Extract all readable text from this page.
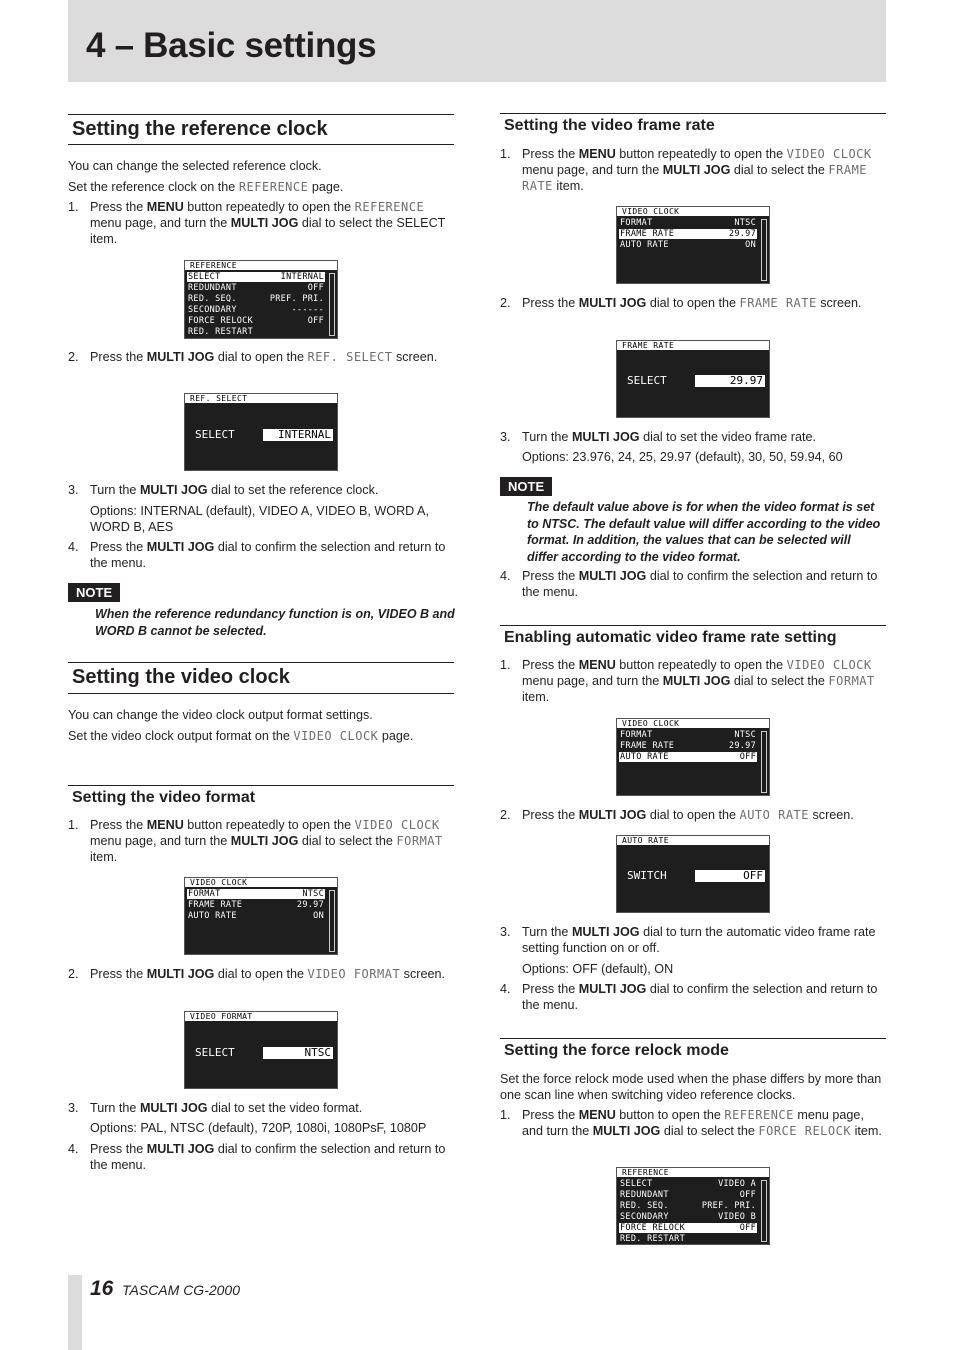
4 – Basic settings
Setting the reference clock
You can change the selected reference clock.
Set the reference clock on the REFERENCE page.
1. Press the MENU button repeatedly to open the REFERENCE menu page, and turn the MULTI JOG dial to select the SELECT item.
REFERENCE
SELECT	INTERNAL
REDUNDANT	OFF
RED. SEQ.	PREF. PRI.
SECONDARY	------
FORCE RELOCK	OFF
RED. RESTART
2. Press the MULTI JOG dial to open the REF. SELECT screen.
REF. SELECT
SELECT	INTERNAL
3. Turn the MULTI JOG dial to set the reference clock.
Options: INTERNAL (default), VIDEO A, VIDEO B, WORD A, WORD B, AES
4. Press the MULTI JOG dial to confirm the selection and return to the menu.
NOTE
When the reference redundancy function is on, VIDEO B and WORD B cannot be selected.
Setting the video clock
You can change the video clock output format settings.
Set the video clock output format on the VIDEO CLOCK page.
Setting the video format
1. Press the MENU button repeatedly to open the VIDEO CLOCK menu page, and turn the MULTI JOG dial to select the FORMAT item.
VIDEO CLOCK
FORMAT	NTSC
FRAME RATE	29.97
AUTO RATE	ON
2. Press the MULTI JOG dial to open the VIDEO FORMAT screen.
VIDEO FORMAT
SELECT	NTSC
3. Turn the MULTI JOG dial to set the video format.
Options: PAL, NTSC (default), 720P, 1080i, 1080PsF, 1080P
4. Press the MULTI JOG dial to confirm the selection and return to the menu.
Setting the video frame rate
1. Press the MENU button repeatedly to open the VIDEO CLOCK menu page, and turn the MULTI JOG dial to select the FRAME RATE item.
VIDEO CLOCK
FORMAT	NTSC
FRAME RATE	29.97
AUTO RATE	ON
2. Press the MULTI JOG dial to open the FRAME RATE screen.
FRAME RATE
SELECT	29.97
3. Turn the MULTI JOG dial to set the video frame rate.
Options: 23.976, 24, 25, 29.97 (default), 30, 50, 59.94, 60
NOTE
The default value above is for when the video format is set to NTSC. The default value will differ according to the video format. In addition, the values that can be selected will differ according to the video format.
4. Press the MULTI JOG dial to confirm the selection and return to the menu.
Enabling automatic video frame rate setting
1. Press the MENU button repeatedly to open the VIDEO CLOCK menu page, and turn the MULTI JOG dial to select the FORMAT item.
VIDEO CLOCK
FORMAT	NTSC
FRAME RATE	29.97
AUTO RATE	OFF
2. Press the MULTI JOG dial to open the AUTO RATE screen.
AUTO RATE
SWITCH	OFF
3. Turn the MULTI JOG dial to turn the automatic video frame rate setting function on or off.
Options: OFF (default), ON
4. Press the MULTI JOG dial to confirm the selection and return to the menu.
Setting the force relock mode
Set the force relock mode used when the phase differs by more than one scan line when switching video reference clocks.
1. Press the MENU button to open the REFERENCE menu page, and turn the MULTI JOG dial to select the FORCE RELOCK item.
REFERENCE
SELECT	VIDEO A
REDUNDANT	OFF
RED. SEQ.	PREF. PRI.
SECONDARY	VIDEO B
FORCE RELOCK	OFF
RED. RESTART
16 TASCAM CG-2000
